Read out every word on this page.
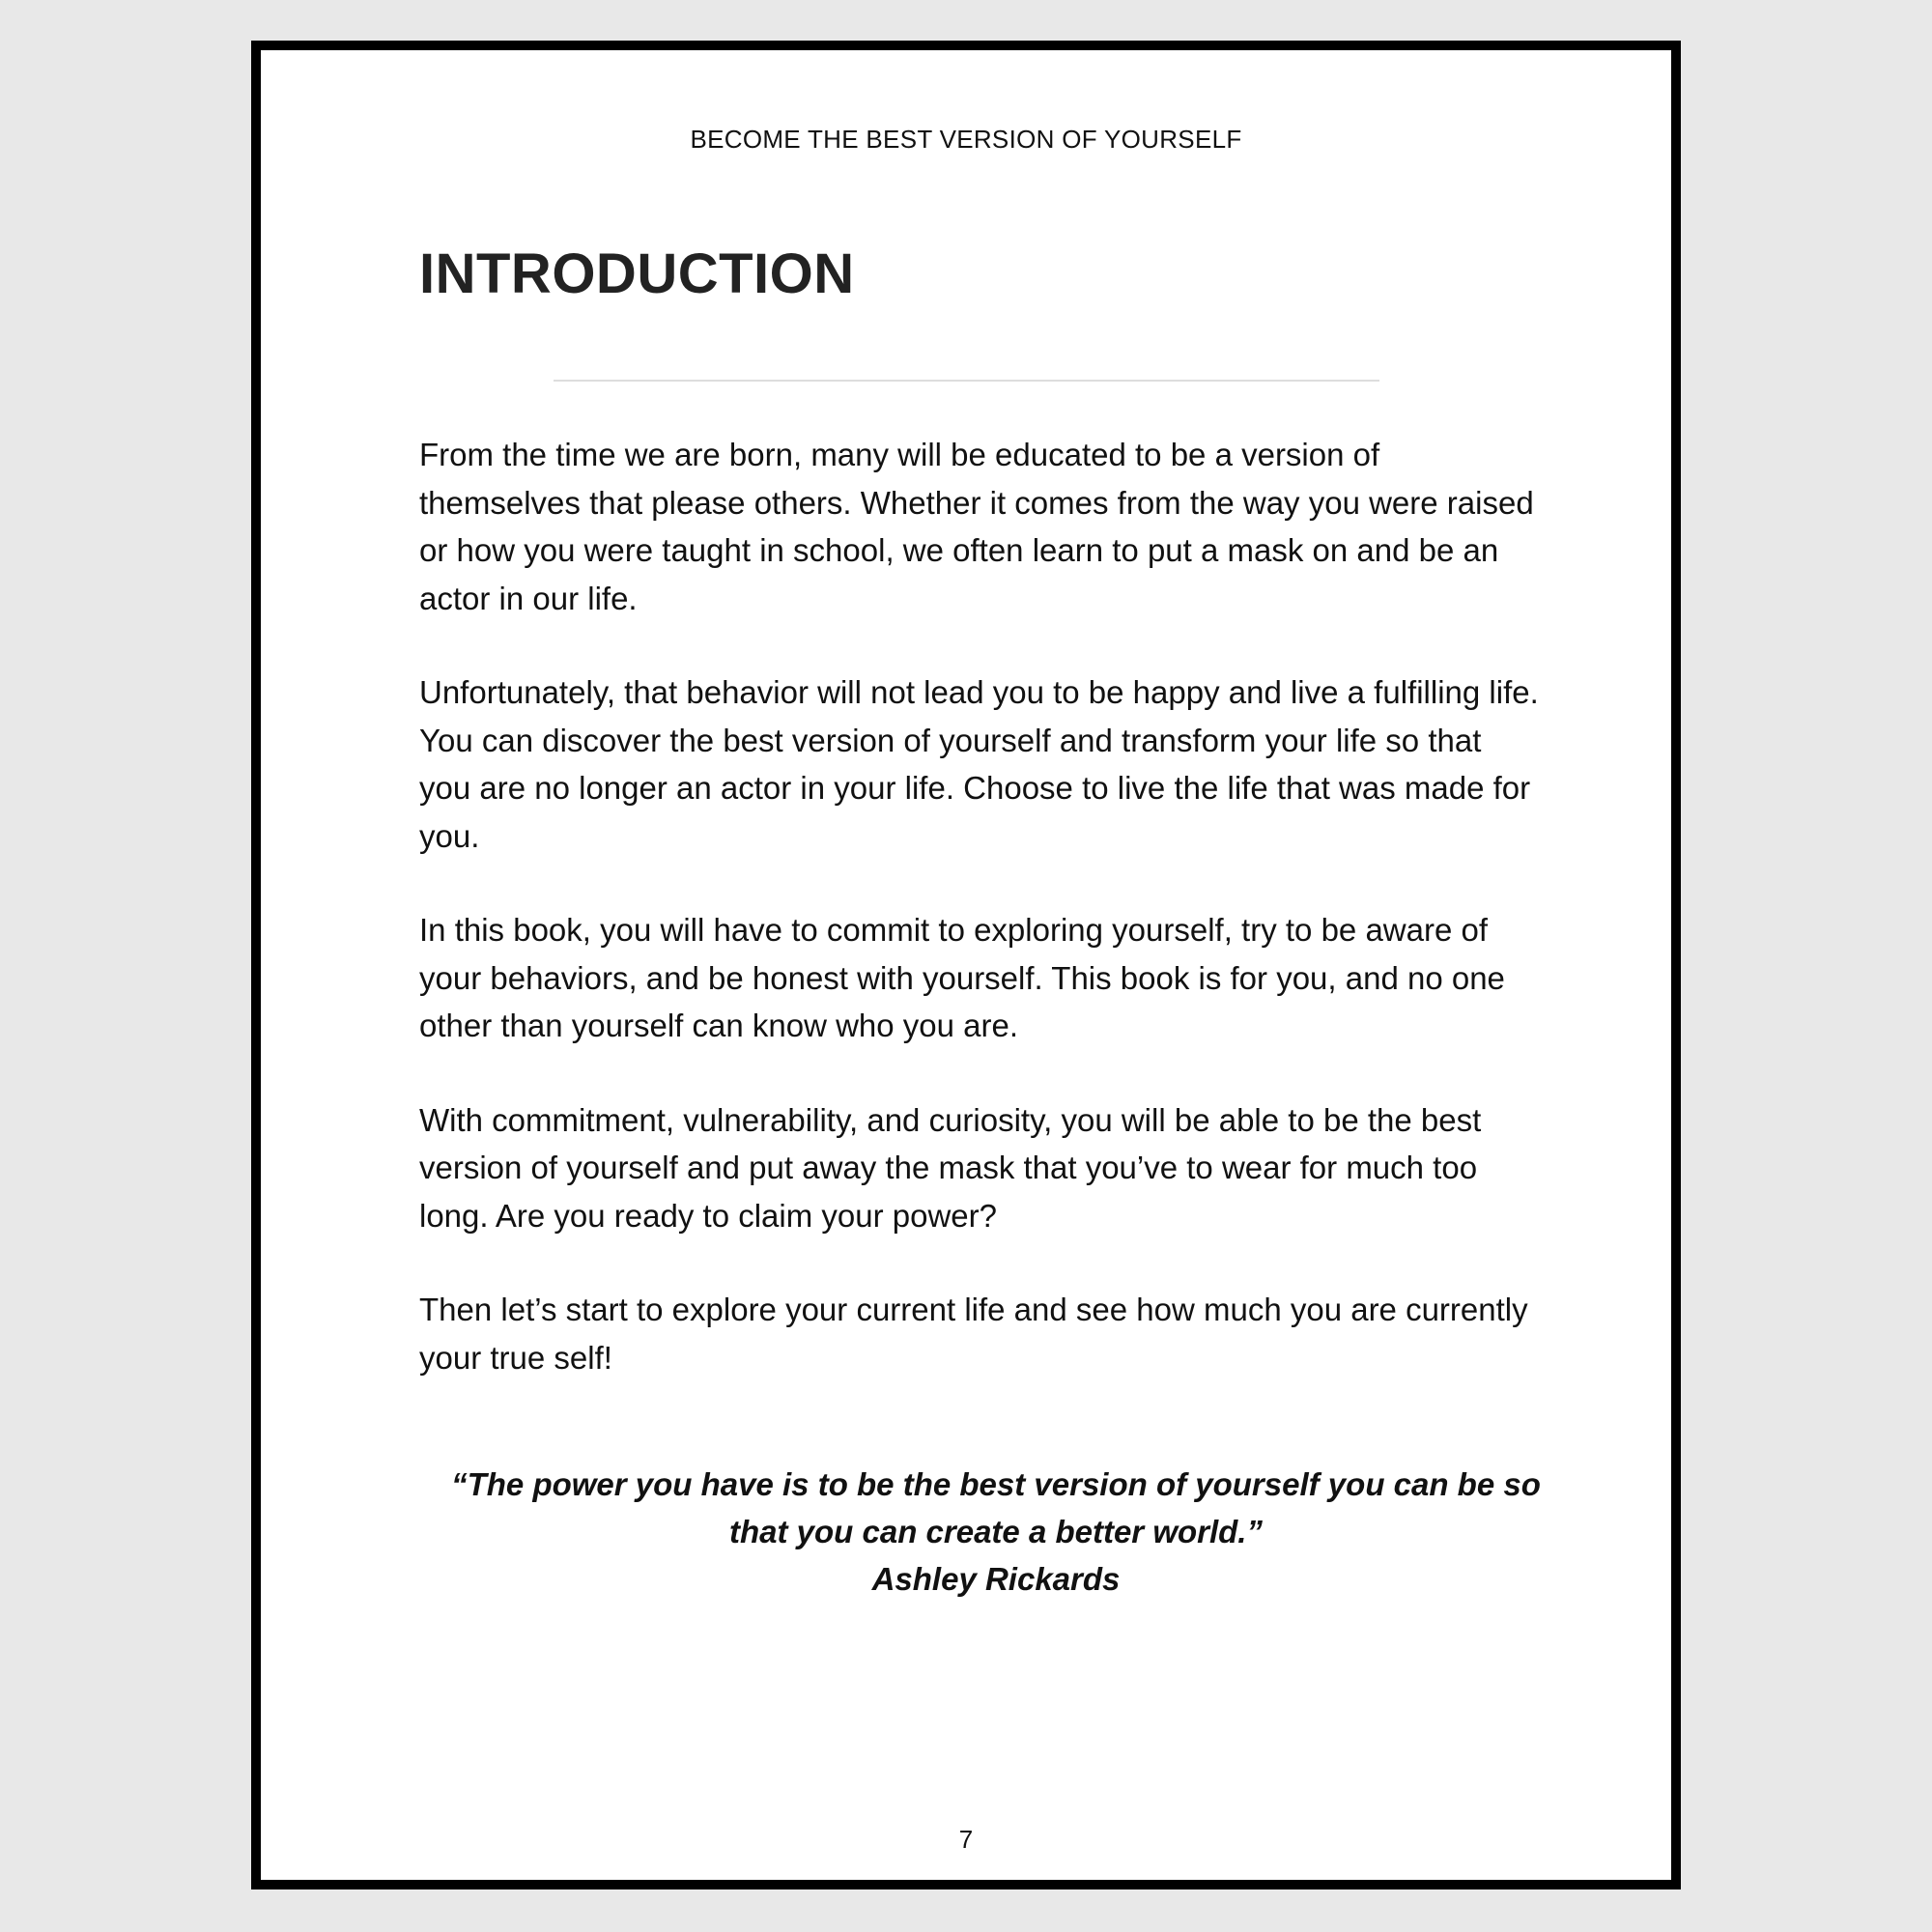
BECOME THE BEST VERSION OF YOURSELF
INTRODUCTION

From the time we are born, many will be educated to be a version of themselves that please others. Whether it comes from the way you were raised or how you were taught in school, we often learn to put a mask on and be an actor in our life.

Unfortunately, that behavior will not lead you to be happy and live a fulfilling life. You can discover the best version of yourself and transform your life so that you are no longer an actor in your life. Choose to live the life that was made for you.

In this book, you will have to commit to exploring yourself, try to be aware of your behaviors, and be honest with yourself. This book is for you, and no one other than yourself can know who you are.

With commitment, vulnerability, and curiosity, you will be able to be the best version of yourself and put away the mask that you’ve to wear for much too long. Are you ready to claim your power?

Then let’s start to explore your current life and see how much you are currently your true self!

“The power you have is to be the best version of yourself you can be so
that you can create a better world.”
Ashley Rickards
7
